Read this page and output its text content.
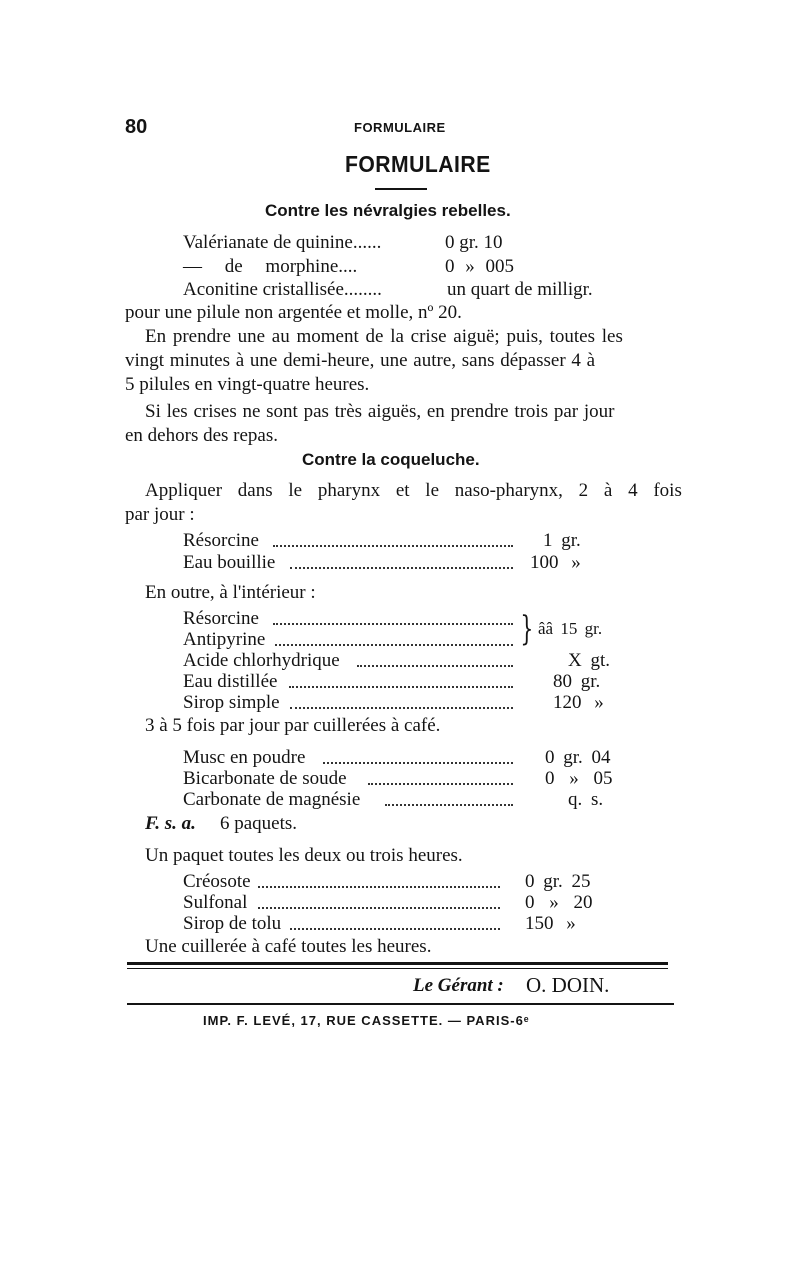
80	FORMULAIRE
FORMULAIRE
Contre les névralgies rebelles.
Valérianate de quinine......	0 gr. 10
— de morphine....	0 » 005
Aconitine cristallisée........	un quart de milligr.
pour une pilule non argentée et molle, nº 20.
En prendre une au moment de la crise aiguë; puis, toutes les
vingt minutes à une demi-heure, une autre, sans dépasser 4 à
5 pilules en vingt-quatre heures.
Si les crises ne sont pas très aiguës, en prendre trois par jour
en dehors des repas.
Contre la coqueluche.
Appliquer dans le pharynx et le naso-pharynx, 2 à 4 fois
par jour :
Résorcine	1 gr.
Eau bouillie	100 »
En outre, à l'intérieur :
Résorcine
Antipyrine	} ââ 15 gr.
Acide chlorhydrique	X gt.
Eau distillée	80 gr.
Sirop simple	120 »
3 à 5 fois par jour par cuillerées à café.
Musc en poudre	0 gr. 04
Bicarbonate de soude	0 » 05
Carbonate de magnésie	q. s.
F. s. a. 6 paquets.
Un paquet toutes les deux ou trois heures.
Créosote	0 gr. 25
Sulfonal	0 » 20
Sirop de tolu	150 »
Une cuillerée à café toutes les heures.
Le Gérant : O. DOIN.
IMP. F. LEVÉ, 17, RUE CASSETTE. — PARIS-6ᵉ
